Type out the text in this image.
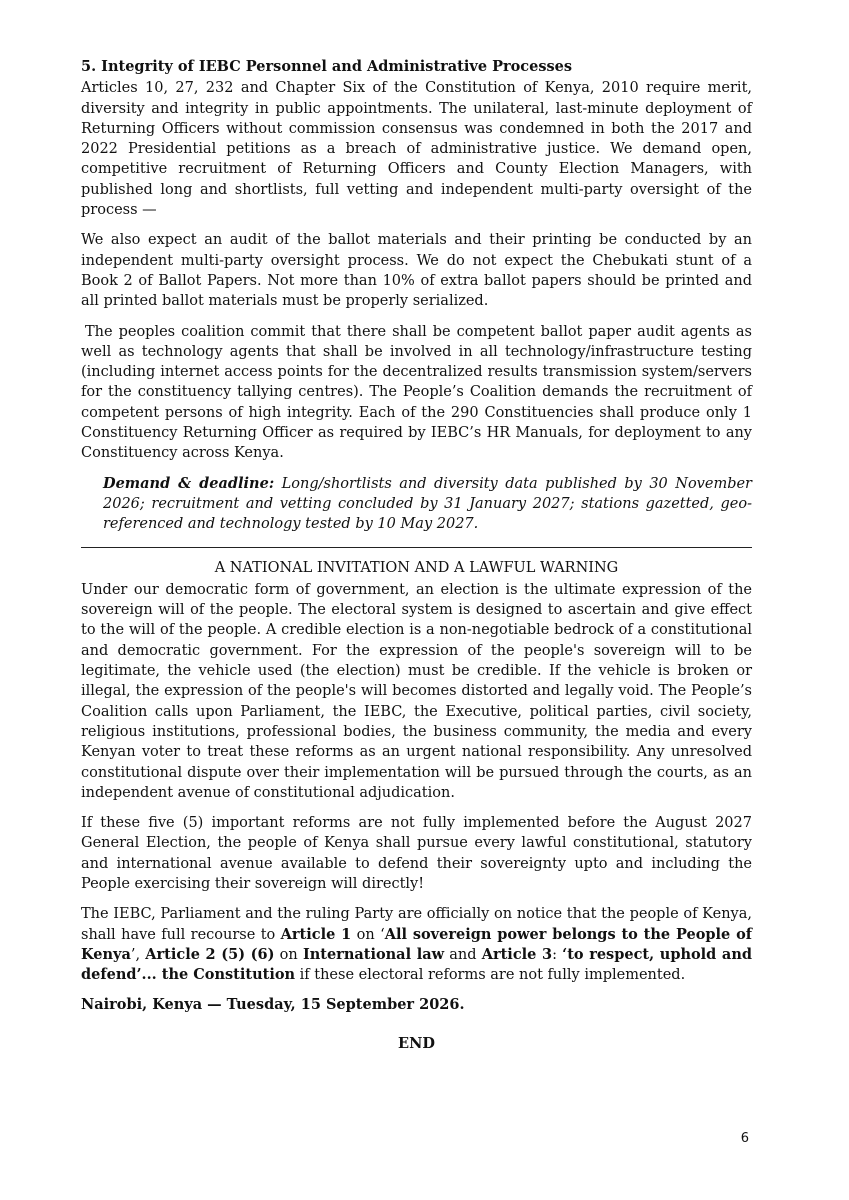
5. Integrity of IEBC Personnel and Administrative Processes

Articles 10, 27, 232 and Chapter Six of the Constitution of Kenya, 2010 require merit, diversity and integrity in public appointments. The unilateral, last-minute deployment of Returning Officers without commission consensus was condemned in both the 2017 and 2022 Presidential petitions as a breach of administrative justice. We demand open, competitive recruitment of Returning Officers and County Election Managers, with published long and shortlists, full vetting and independent multi-party oversight of the process —

We also expect an audit of the ballot materials and their printing be conducted by an independent multi-party oversight process. We do not expect the Chebukati stunt of a Book 2 of Ballot Papers. Not more than 10% of extra ballot papers should be printed and all printed ballot materials must be properly serialized.

The peoples coalition commit that there shall be competent ballot paper audit agents as well as technology agents that shall be involved in all technology/infrastructure testing (including internet access points for the decentralized results transmission system/servers for the constituency tallying centres). The People’s Coalition demands the recruitment of competent persons of high integrity. Each of the 290 Constituencies shall produce only 1 Constituency Returning Officer as required by IEBC’s HR Manuals, for deployment to any Constituency across Kenya.

Demand & deadline: Long/shortlists and diversity data published by 30 November 2026; recruitment and vetting concluded by 31 January 2027; stations gazetted, geo-referenced and technology tested by 10 May 2027.

A NATIONAL INVITATION AND A LAWFUL WARNING

Under our democratic form of government, an election is the ultimate expression of the sovereign will of the people. The electoral system is designed to ascertain and give effect to the will of the people. A credible election is a non-negotiable bedrock of a constitutional and democratic government. For the expression of the people's sovereign will to be legitimate, the vehicle used (the election) must be credible. If the vehicle is broken or illegal, the expression of the people's will becomes distorted and legally void. The People’s Coalition calls upon Parliament, the IEBC, the Executive, political parties, civil society, religious institutions, professional bodies, the business community, the media and every Kenyan voter to treat these reforms as an urgent national responsibility. Any unresolved constitutional dispute over their implementation will be pursued through the courts, as an independent avenue of constitutional adjudication.

If these five (5) important reforms are not fully implemented before the August 2027 General Election, the people of Kenya shall pursue every lawful constitutional, statutory and international avenue available to defend their sovereignty upto and including the People exercising their sovereign will directly!

The IEBC, Parliament and the ruling Party are officially on notice that the people of Kenya, shall have full recourse to Article 1 on ‘All sovereign power belongs to the People of Kenya’, Article 2 (5) (6) on International law and Article 3: ‘to respect, uphold and defend’... the Constitution if these electoral reforms are not fully implemented.

Nairobi, Kenya — Tuesday, 15 September 2026.

END

6
